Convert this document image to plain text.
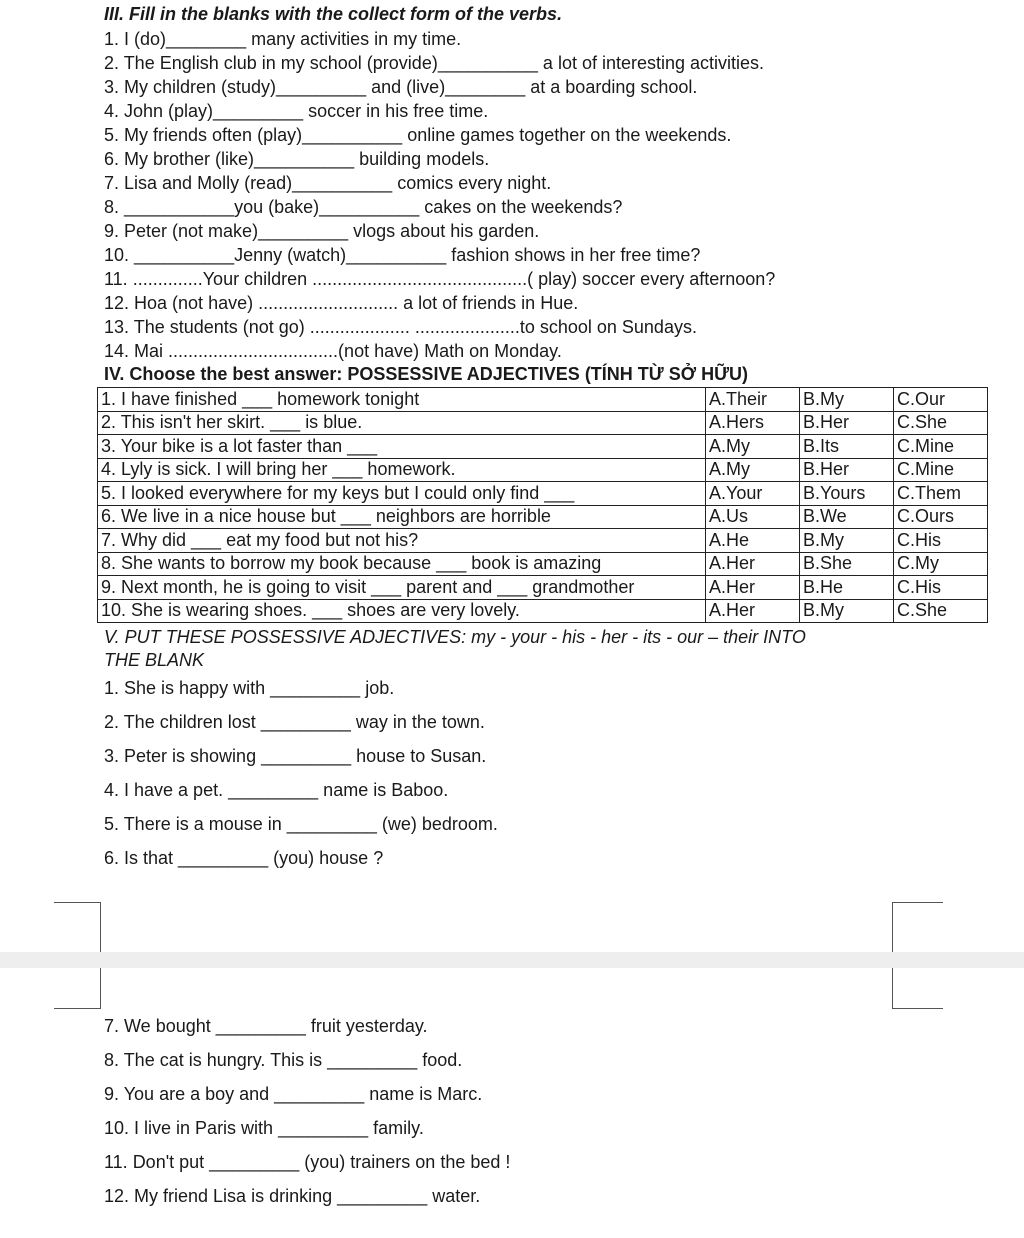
III. Fill in the blanks with the collect form of the verbs.
1. I (do)________ many activities in my time.
2. The English club in my school (provide)__________ a lot of interesting activities.
3. My children (study)_________ and (live)________ at a boarding school.
4. John (play)_________ soccer in his free time.
5. My friends often (play)__________ online games together on the weekends.
6. My brother (like)__________ building models.
7. Lisa and Molly (read)__________ comics every night.
8. ___________you (bake)__________ cakes on the weekends?
9. Peter (not make)_________ vlogs about his garden.
10. __________Jenny (watch)__________ fashion shows in her free time?
11. ..............Your children ...........................................( play) soccer every afternoon?
12. Hoa (not have) ............................ a lot of friends in Hue.
13. The students (not go) .................... .....................to school on Sundays.
14. Mai ..................................(not have) Math on Monday.
IV. Choose the best answer: POSSESSIVE ADJECTIVES (TÍNH TỪ SỞ HỮU)
1. I have finished ___ homework tonight	A.Their	B.My	C.Our
2. This isn't her skirt. ___ is blue.	A.Hers	B.Her	C.She
3. Your bike is a lot faster than ___	A.My	B.Its	C.Mine
4. Lyly is sick. I will bring her ___ homework.	A.My	B.Her	C.Mine
5. I looked everywhere for my keys but I could only find ___	A.Your	B.Yours	C.Them
6. We live in a nice house but ___ neighbors are horrible	A.Us	B.We	C.Ours
7. Why did ___ eat my food but not his?	A.He	B.My	C.His
8. She wants to borrow my book because ___ book is amazing	A.Her	B.She	C.My
9. Next month, he is going to visit ___ parent and ___ grandmother	A.Her	B.He	C.His
10. She is wearing shoes. ___ shoes are very lovely.	A.Her	B.My	C.She
V. PUT THESE POSSESSIVE ADJECTIVES: my - your - his - her - its - our – their INTO
THE BLANK
1. She is happy with _________ job.
2. The children lost _________ way in the town.
3. Peter is showing _________ house to Susan.
4. I have a pet. _________ name is Baboo.
5. There is a mouse in _________ (we) bedroom.
6. Is that _________ (you) house ?
7. We bought _________ fruit yesterday.
8. The cat is hungry. This is _________ food.
9. You are a boy and _________ name is Marc.
10. I live in Paris with _________ family.
11. Don't put _________ (you) trainers on the bed !
12. My friend Lisa is drinking _________ water.
